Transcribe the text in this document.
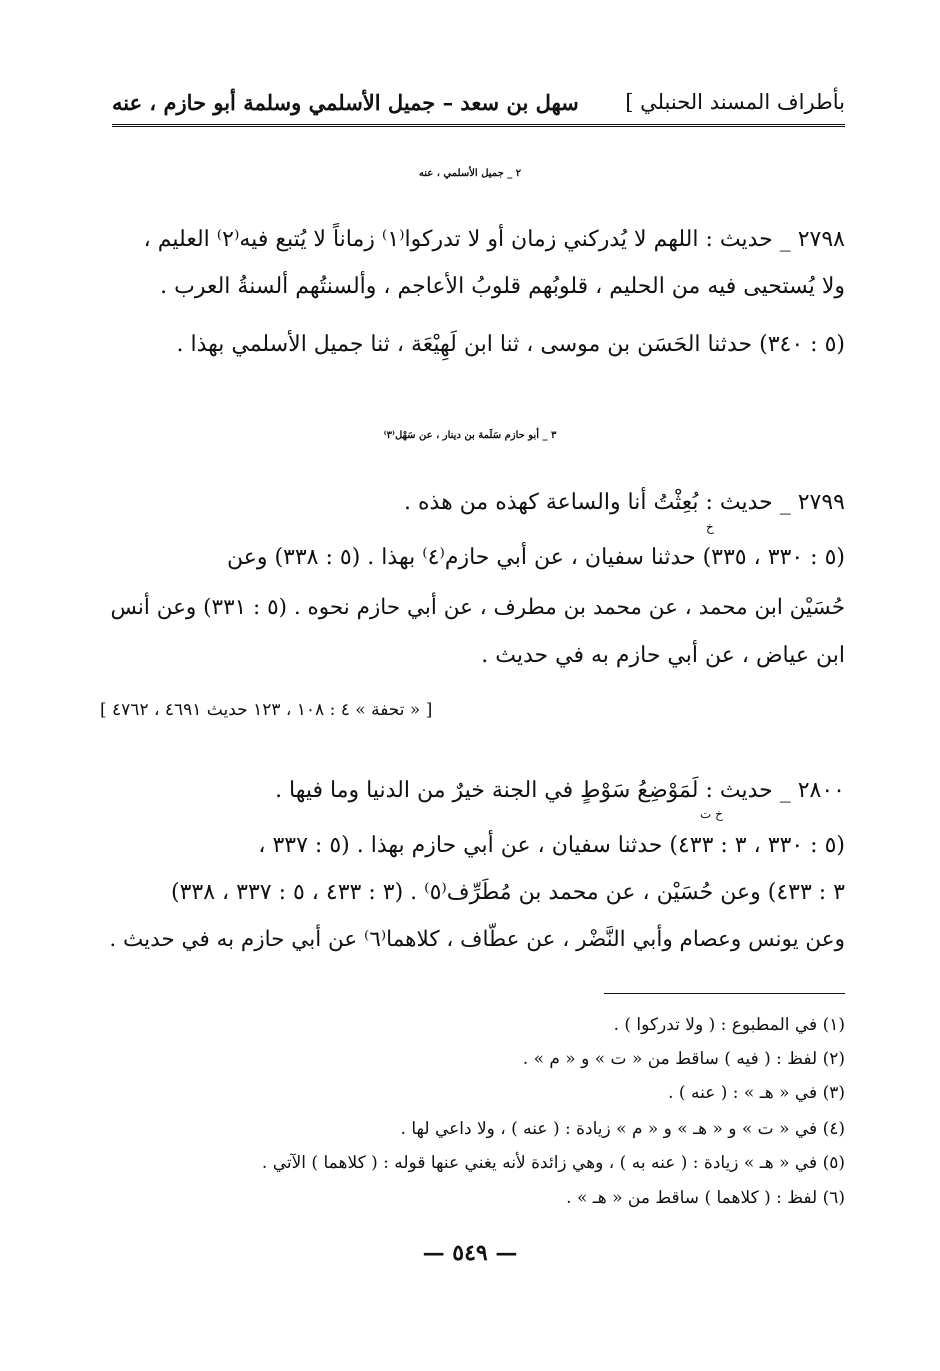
سهل بن سعد – جميل الأسلمي وسلمة أبو حازم ، عنه بأطراف المسند الحنبلي ]
٢ _ جميل الأسلمي ، عنه
٢٧٩٨ _ حديث : اللهم لا يُدركني زمان أو لا تدركوا⁽١⁾ زماناً لا يُتبع فيه⁽٢⁾ العليم ،
ولا يُستحيى فيه من الحليم ، قلوبُهم قلوبُ الأعاجم ، وألسنتُهم ألسنةُ العرب .
(٥ : ٣٤٠) حدثنا الحَسَن بن موسى ، ثنا ابن لَهِيْعَة ، ثنا جميل الأسلمي بهذا .
٣ _ أبو حازم سَلَمة بن دينار ، عن سَهْل⁽٣⁾
٢٧٩٩ _ حديث : بُعِثْتُ أنا والساعة كهذه من هذه .
خ
(٥ : ٣٣٠ ، ٣٣٥) حدثنا سفيان ، عن أبي حازم⁽٤⁾ بهذا . (٥ : ٣٣٨) وعن
حُسَيْن ابن محمد ، عن محمد بن مطرف ، عن أبي حازم نحوه . (٥ : ٣٣١) وعن أنس
ابن عياض ، عن أبي حازم به في حديث .
[ « تحفة » ٤ : ١٠٨ ، ١٢٣ حديث ٤٦٩١ ، ٤٧٦٢ ]
٢٨٠٠ _ حديث : لَمَوْضِعُ سَوْطٍ في الجنة خيرٌ من الدنيا وما فيها .
خ ت
(٥ : ٣٣٠ ، ٣ : ٤٣٣) حدثنا سفيان ، عن أبي حازم بهذا . (٥ : ٣٣٧ ،
٣ : ٤٣٣) وعن حُسَيْن ، عن محمد بن مُطَرِّف⁽٥⁾ . (٣ : ٤٣٣ ، ٥ : ٣٣٧ ، ٣٣٨)
وعن يونس وعصام وأبي النَّضْر ، عن عطّاف ، كلاهما⁽٦⁾ عن أبي حازم به في حديث .
(١) في المطبوع : ( ولا تدركوا ) .
(٢) لفظ : ( فيه ) ساقط من « ت » و « م » .
(٣) في « هـ » : ( عنه ) .
(٤) في « ت » و « هـ » و « م » زيادة : ( عنه ) ، ولا داعي لها .
(٥) في « هـ » زيادة : ( عنه به ) ، وهي زائدة لأنه يغني عنها قوله : ( كلاهما ) الآتي .
(٦) لفظ : ( كلاهما ) ساقط من « هـ » .
— ٥٤٩ —
